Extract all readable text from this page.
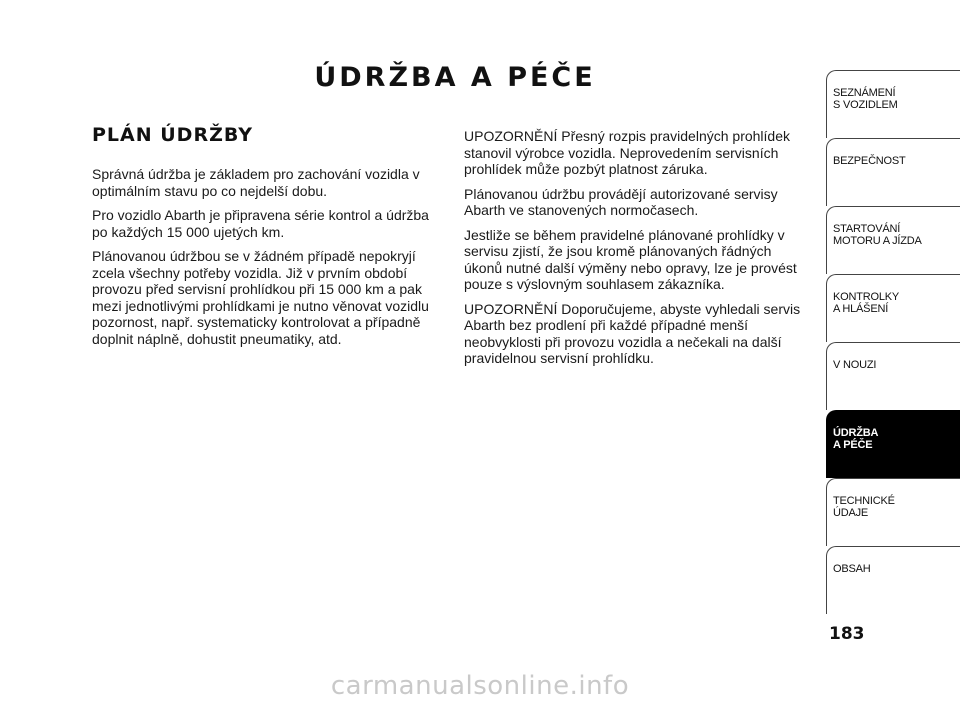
ÚDRŽBA A PÉČE
PLÁN ÚDRŽBY

Správná údržba je základem pro zachování vozidla v optimálním stavu po co nejdelší dobu.

Pro vozidlo Abarth je připravena série kontrol a údržba po každých 15 000 ujetých km.

Plánovanou údržbou se v žádném případě nepokryjí zcela všechny potřeby vozidla. Již v prvním období provozu před servisní prohlídkou při 15 000 km a pak mezi jednotlivými prohlídkami je nutno věnovat vozidlu pozornost, např. systematicky kontrolovat a případně doplnit náplně, dohustit pneumatiky, atd.

UPOZORNĚNÍ Přesný rozpis pravidelných prohlídek stanovil výrobce vozidla. Neprovedením servisních prohlídek může pozbýt platnost záruka.

Plánovanou údržbu provádějí autorizované servisy Abarth ve stanovených normočasech.

Jestliže se během pravidelné plánované prohlídky v servisu zjistí, že jsou kromě plánovaných řádných úkonů nutné další výměny nebo opravy, lze je provést pouze s výslovným souhlasem zákazníka.

UPOZORNĚNÍ Doporučujeme, abyste vyhledali servis Abarth bez prodlení při každé případné menší neobvyklosti při provozu vozidla a nečekali na další pravidelnou servisní prohlídku.

SEZNÁMENÍ
S VOZIDLEM
BEZPEČNOST
STARTOVÁNÍ
MOTORU A JÍZDA
KONTROLKY
A HLÁŠENÍ
V NOUZI
ÚDRŽBA
A PÉČE
TECHNICKÉ
ÚDAJE
OBSAH
183
carmanualsonline.info
